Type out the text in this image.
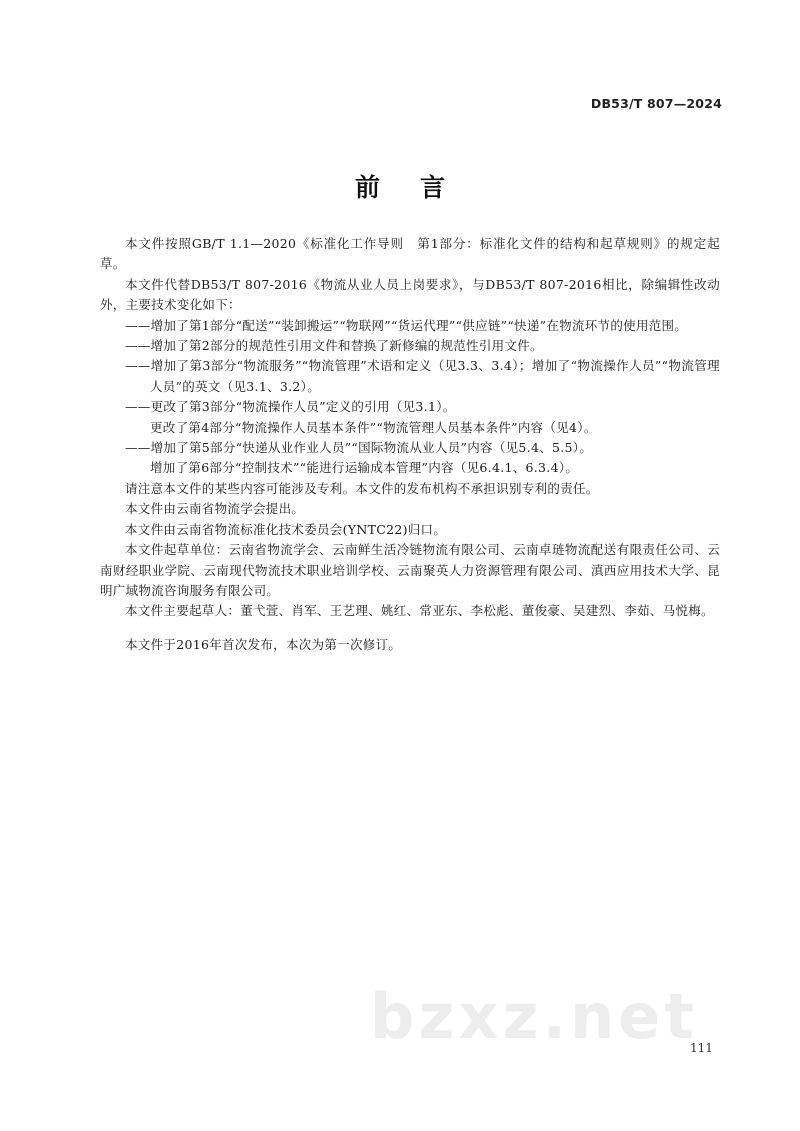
DB53/T 807—2024
前言

本文件按照GB/T 1.1—2020《标准化工作导则　第1部分：标准化文件的结构和起草规则》的规定起草。

本文件代替DB53/T 807-2016《物流从业人员上岗要求》，与DB53/T 807-2016相比，除编辑性改动外，主要技术变化如下：

——增加了第1部分“配送”“装卸搬运”“物联网”“货运代理”“供应链”“快递”在物流环节的使用范围。

——增加了第2部分的规范性引用文件和替换了新修编的规范性引用文件。

——增加了第3部分“物流服务”“物流管理”术语和定义（见3.3、3.4）；增加了“物流操作人员”“物流管理人员”的英文（见3.1、3.2）。

——更改了第3部分“物流操作人员”定义的引用（见3.1）。

更改了第4部分“物流操作人员基本条件”“物流管理人员基本条件”内容（见4）。

——增加了第5部分“快递从业作业人员”“国际物流从业人员”内容（见5.4、5.5）。

增加了第6部分“控制技术”“能进行运输成本管理”内容（见6.4.1、6.3.4）。

请注意本文件的某些内容可能涉及专利。本文件的发布机构不承担识别专利的责任。

本文件由云南省物流学会提出。

本文件由云南省物流标准化技术委员会(YNTC22)归口。

本文件起草单位：云南省物流学会、云南鲜生活冷链物流有限公司、云南卓琏物流配送有限责任公司、云南财经职业学院、云南现代物流技术职业培训学校、云南聚英人力资源管理有限公司、滇西应用技术大学、昆明广域物流咨询服务有限公司。

本文件主要起草人：董弋萱、肖军、王艺理、姚红、常亚东、李松彪、董俊豪、吴建烈、李茹、马悦梅。

本文件于2016年首次发布，本次为第一次修订。

bzxz.net
111
